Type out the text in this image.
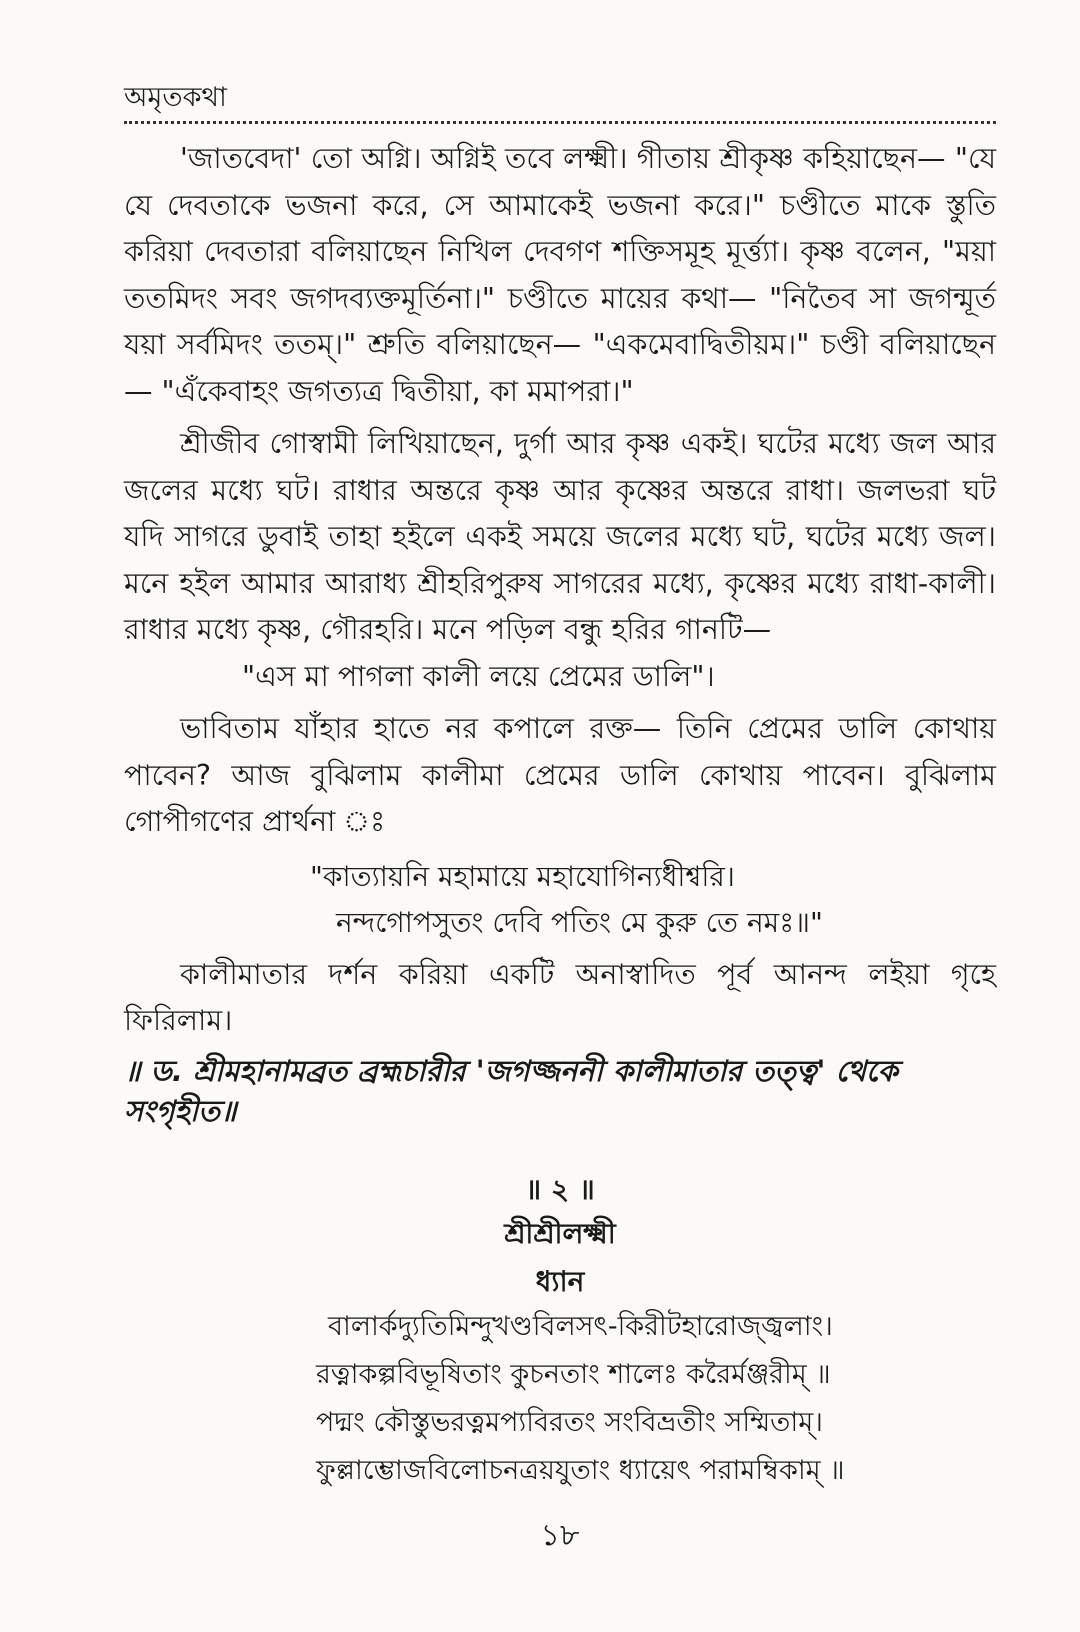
অমৃতকথা

'জাতবেদা' তো অগ্নি। অগ্নিই তবে লক্ষ্মী। গীতায় শ্রীকৃষ্ণ কহিয়াছেন— "যে যে দেবতাকে ভজনা করে, সে আমাকেই ভজনা করে।" চণ্ডীতে মাকে স্তুতি করিয়া দেবতারা বলিয়াছেন নিখিল দেবগণ শক্তিসমূহ মূর্ত্ত্যা। কৃষ্ণ বলেন, "ময়া ততমিদং সবং জগদব্যক্তমূর্তিনা।" চণ্ডীতে মায়ের কথা— "নিতৈব সা জগন্মূর্ত যয়া সর্বমিদং ততম্।" শ্রুতি বলিয়াছেন— "একমেবাদ্বিতীয়ম।" চণ্ডী বলিয়াছেন— "এঁকেবাহং জগত্যত্র দ্বিতীয়া, কা মমাপরা।"

শ্রীজীব গোস্বামী লিখিয়াছেন, দুর্গা আর কৃষ্ণ একই। ঘটের মধ্যে জল আর জলের মধ্যে ঘট। রাধার অন্তরে কৃষ্ণ আর কৃষ্ণের অন্তরে রাধা। জলভরা ঘট যদি সাগরে ডুবাই তাহা হইলে একই সময়ে জলের মধ্যে ঘট, ঘটের মধ্যে জল। মনে হইল আমার আরাধ্য শ্রীহরিপুরুষ সাগরের মধ্যে, কৃষ্ণের মধ্যে রাধা-কালী। রাধার মধ্যে কৃষ্ণ, গৌরহরি। মনে পড়িল বন্ধু হরির গানটি—

"এস মা পাগলা কালী লয়ে প্রেমের ডালি"।

ভাবিতাম যাঁহার হাতে নর কপালে রক্ত— তিনি প্রেমের ডালি কোথায় পাবেন? আজ বুঝিলাম কালীমা প্রেমের ডালি কোথায় পাবেন। বুঝিলাম গোপীগণের প্রার্থনা ঃ

"কাত্যায়নি মহামায়ে মহাযোগিন্যধীশ্বরি।

নন্দগোপসুতং দেবি পতিং মে কুরু তে নমঃ॥"

কালীমাতার দর্শন করিয়া একটি অনাস্বাদিত পূর্ব আনন্দ লইয়া গৃহে ফিরিলাম।

॥ ড. শ্রীমহানামব্রত ব্রহ্মচারীর 'জগজ্জননী কালীমাতার তত্ত্ব' থেকে সংগৃহীত॥

॥ ২ ॥

শ্রীশ্রীলক্ষ্মী

ধ্যান

বালার্কদ্যুতিমিন্দুখণ্ডবিলসৎ-কিরীটহারোজ্জ্বলাং।

রত্নাকল্পবিভূষিতাং কুচনতাং শালেঃ করৈর্মঞ্জরীম্ ॥

পদ্মং কৌস্তুভরত্নমপ্যবিরতং সংবিভ্রতীং সম্মিতাম্।

ফুল্লাম্ভোজবিলোচনত্রয়যুতাং ধ্যায়েৎ পরামম্বিকাম্ ॥

১৮
